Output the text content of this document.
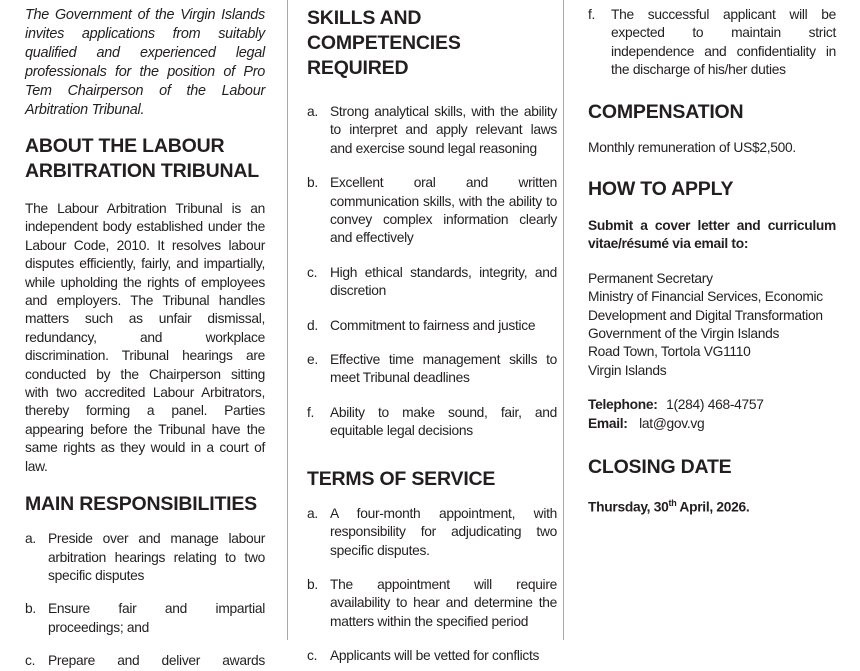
The Government of the Virgin Islands invites applications from suitably qualified and experienced legal professionals for the position of Pro Tem Chairperson of the Labour Arbitration Tribunal.

ABOUT THE LABOUR ARBITRATION TRIBUNAL

The Labour Arbitration Tribunal is an independent body established under the Labour Code, 2010. It resolves labour disputes efficiently, fairly, and impartially, while upholding the rights of employees and employers. The Tribunal handles matters such as unfair dismissal, redundancy, and workplace discrimination. Tribunal hearings are conducted by the Chairperson sitting with two accredited Labour Arbitrators, thereby forming a panel. Parties appearing before the Tribunal have the same rights as they would in a court of law.

MAIN RESPONSIBILITIES
a. Preside over and manage labour arbitration hearings relating to two specific disputes
b. Ensure fair and impartial proceedings; and
c. Prepare and deliver awards
SKILLS AND COMPETENCIES REQUIRED
a. Strong analytical skills, with the ability to interpret and apply relevant laws and exercise sound legal reasoning
b. Excellent oral and written communication skills, with the ability to convey complex information clearly and effectively
c. High ethical standards, integrity, and discretion
d. Commitment to fairness and justice
e. Effective time management skills to meet Tribunal deadlines
f.	Ability to make sound, fair, and equitable legal decisions
TERMS OF SERVICE
a. A four-month appointment, with responsibility for adjudicating two specific disputes.
b. The appointment will require availability to hear and determine the matters within the specified period
c. Applicants will be vetted for conflicts
f.	The successful applicant will be expected to maintain strict independence and confidentiality in the discharge of his/her duties
COMPENSATION

Monthly remuneration of US$2,500.

HOW TO APPLY

Submit a cover letter and curriculum vitae/résumé via email to:

Permanent Secretary
Ministry of Financial Services, Economic Development and Digital Transformation
Government of the Virgin Islands
Road Town, Tortola VG1110
Virgin Islands
Telephone: 1(284) 468-4757
Email: lat@gov.vg
CLOSING DATE

Thursday, 30th April, 2026.
